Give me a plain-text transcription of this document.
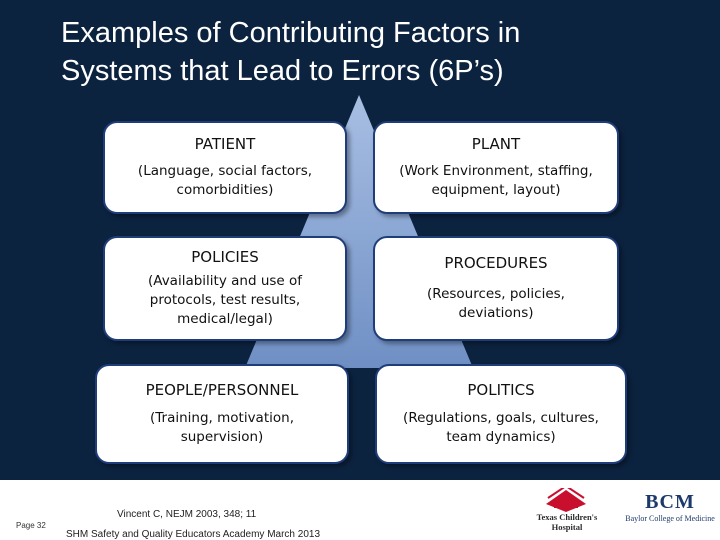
Examples of Contributing Factors in
Systems that Lead to Errors (6P’s)
PATIENT
(Language, social factors,
comorbidities)
PLANT
(Work Environment, staffing,
equipment, layout)
POLICIES
(Availability and use of
protocols, test results,
medical/legal)
PROCEDURES
(Resources, policies,
deviations)
PEOPLE/PERSONNEL
(Training, motivation,
supervision)
POLITICS
(Regulations, goals, cultures,
team dynamics)
Page 32
Vincent C, NEJM 2003, 348; 11
SHM Safety and Quality Educators Academy March 2013
Texas Children's
Hospital
BCM
Baylor College of Medicine
